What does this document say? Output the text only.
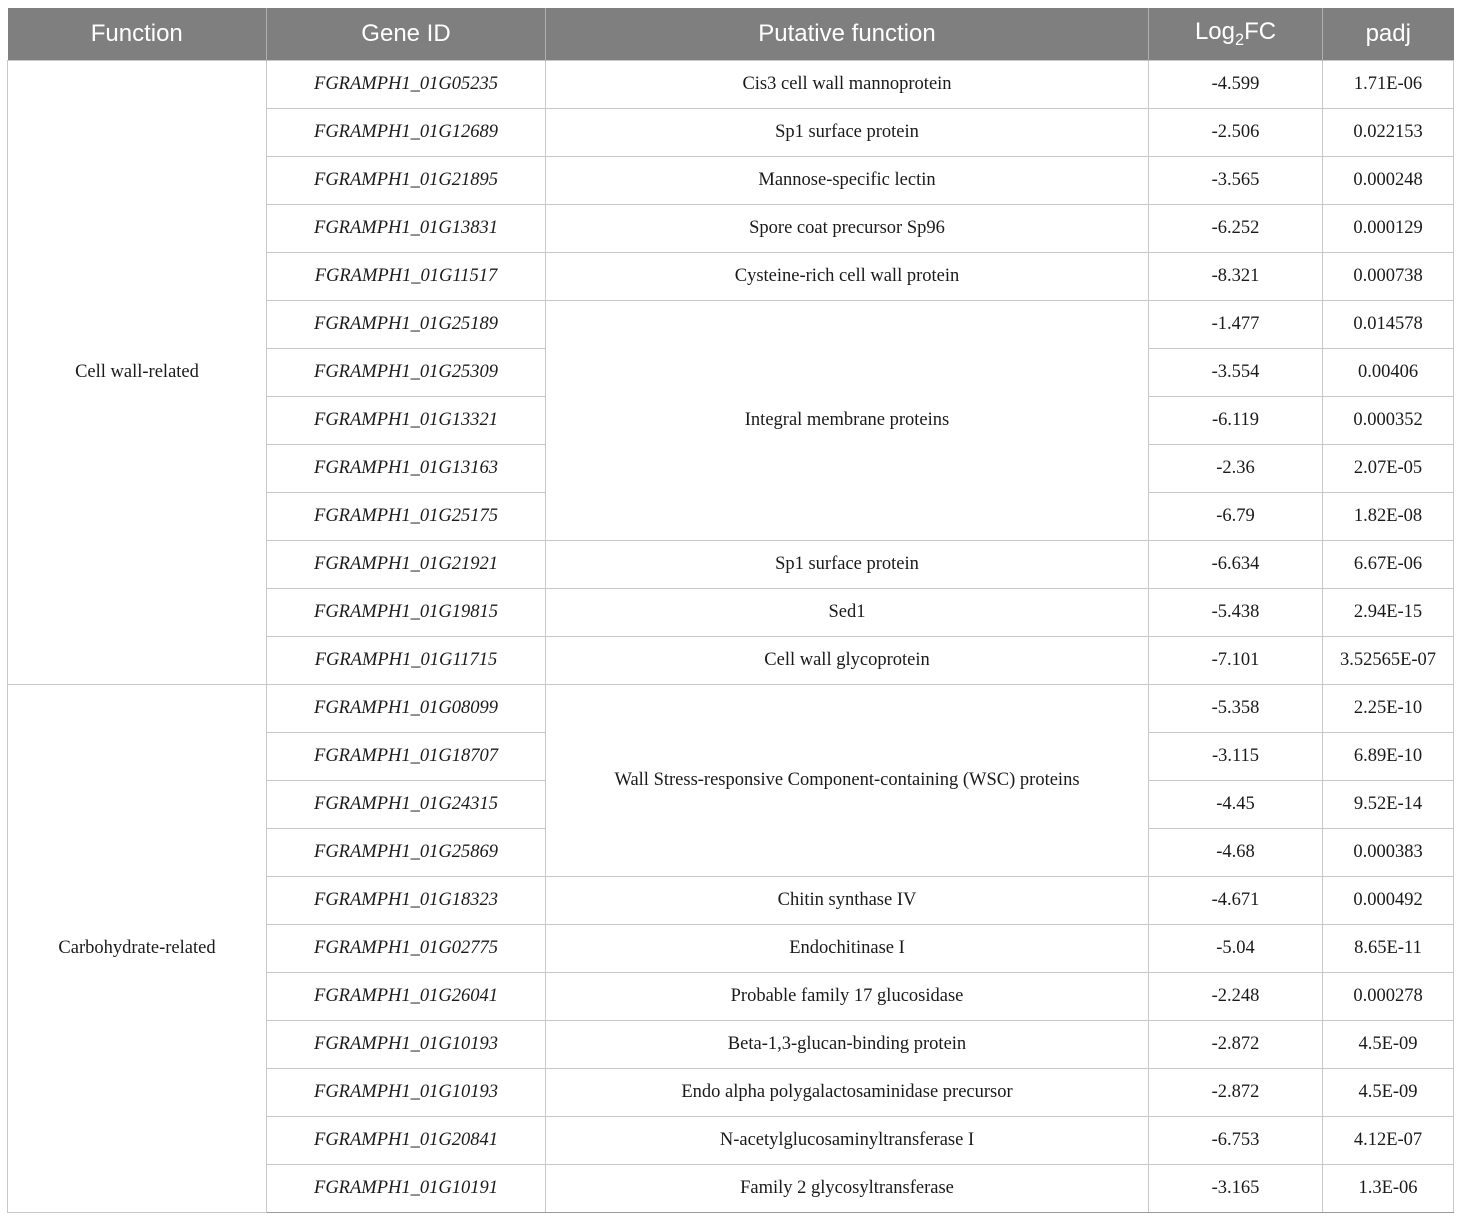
Function	Gene ID	Putative function	Log$_2$FC	padj
Cell wall-related	FGRAMPH1_01G05235	Cis3 cell wall mannoprotein	-4.599	1.71E-06
	FGRAMPH1_01G12689	Sp1 surface protein	-2.506	0.022153
	FGRAMPH1_01G21895	Mannose-specific lectin	-3.565	0.000248
	FGRAMPH1_01G13831	Spore coat precursor Sp96	-6.252	0.000129
	FGRAMPH1_01G11517	Cysteine-rich cell wall protein	-8.321	0.000738
	FGRAMPH1_01G25189	Integral membrane proteins	-1.477	0.014578
	FGRAMPH1_01G25309		-3.554	0.00406
	FGRAMPH1_01G13321		-6.119	0.000352
	FGRAMPH1_01G13163		-2.36	2.07E-05
	FGRAMPH1_01G25175		-6.79	1.82E-08
	FGRAMPH1_01G21921	Sp1 surface protein	-6.634	6.67E-06
	FGRAMPH1_01G19815	Sed1	-5.438	2.94E-15
	FGRAMPH1_01G11715	Cell wall glycoprotein	-7.101	3.52565E-07
Carbohydrate-related	FGRAMPH1_01G08099	Wall Stress-responsive Component-containing (WSC) proteins	-5.358	2.25E-10
	FGRAMPH1_01G18707		-3.115	6.89E-10
	FGRAMPH1_01G24315		-4.45	9.52E-14
	FGRAMPH1_01G25869		-4.68	0.000383
	FGRAMPH1_01G18323	Chitin synthase IV	-4.671	0.000492
	FGRAMPH1_01G02775	Endochitinase I	-5.04	8.65E-11
	FGRAMPH1_01G26041	Probable family 17 glucosidase	-2.248	0.000278
	FGRAMPH1_01G10193	Beta-1,3-glucan-binding protein	-2.872	4.5E-09
	FGRAMPH1_01G10193	Endo alpha polygalactosaminidase precursor	-2.872	4.5E-09
	FGRAMPH1_01G20841	N-acetylglucosaminyltransferase I	-6.753	4.12E-07
	FGRAMPH1_01G10191	Family 2 glycosyltransferase	-3.165	1.3E-06
